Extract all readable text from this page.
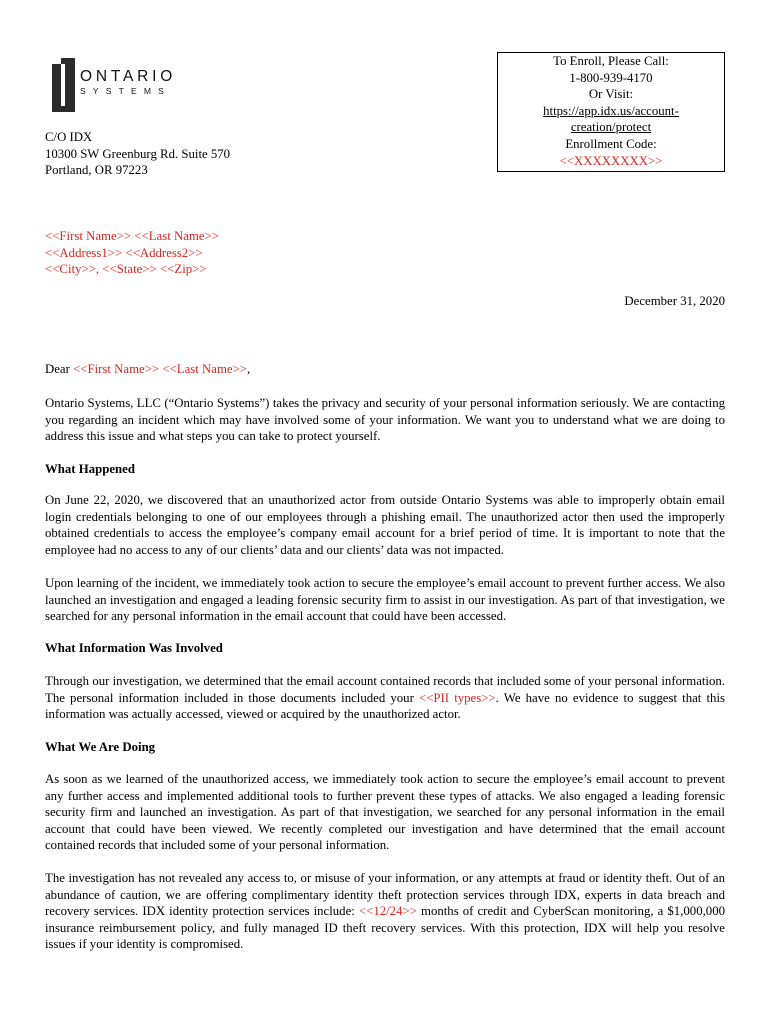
ONTARIO
SYSTEMS
C/O IDX
10300 SW Greenburg Rd. Suite 570
Portland, OR 97223
To Enroll, Please Call:
1-800-939-4170
Or Visit:
https://app.idx.us/account-
creation/protect
Enrollment Code:
<<XXXXXXXX>>
<<First Name>> <<Last Name>>
<<Address1>> <<Address2>>
<<City>>, <<State>> <<Zip>>
December 31, 2020
Dear <<First Name>> <<Last Name>>,
Ontario Systems, LLC (“Ontario Systems”) takes the privacy and security of your personal information seriously. We are contacting you regarding an incident which may have involved some of your information. We want you to understand what we are doing to address this issue and what steps you can take to protect yourself.
What Happened
On June 22, 2020, we discovered that an unauthorized actor from outside Ontario Systems was able to improperly obtain email login credentials belonging to one of our employees through a phishing email. The unauthorized actor then used the improperly obtained credentials to access the employee’s company email account for a brief period of time. It is important to note that the employee had no access to any of our clients’ data and our clients’ data was not impacted.
Upon learning of the incident, we immediately took action to secure the employee’s email account to prevent further access. We also launched an investigation and engaged a leading forensic security firm to assist in our investigation. As part of that investigation, we searched for any personal information in the email account that could have been accessed.
What Information Was Involved
Through our investigation, we determined that the email account contained records that included some of your personal information. The personal information included in those documents included your <<PII types>>. We have no evidence to suggest that this information was actually accessed, viewed or acquired by the unauthorized actor.
What We Are Doing
As soon as we learned of the unauthorized access, we immediately took action to secure the employee’s email account to prevent any further access and implemented additional tools to further prevent these types of attacks. We also engaged a leading forensic security firm and launched an investigation. As part of that investigation, we searched for any personal information in the email account that could have been viewed. We recently completed our investigation and have determined that the email account contained records that included some of your personal information.
The investigation has not revealed any access to, or misuse of your information, or any attempts at fraud or identity theft. Out of an abundance of caution, we are offering complimentary identity theft protection services through IDX, experts in data breach and recovery services. IDX identity protection services include: <<12/24>> months of credit and CyberScan monitoring, a $1,000,000 insurance reimbursement policy, and fully managed ID theft recovery services. With this protection, IDX will help you resolve issues if your identity is compromised.
